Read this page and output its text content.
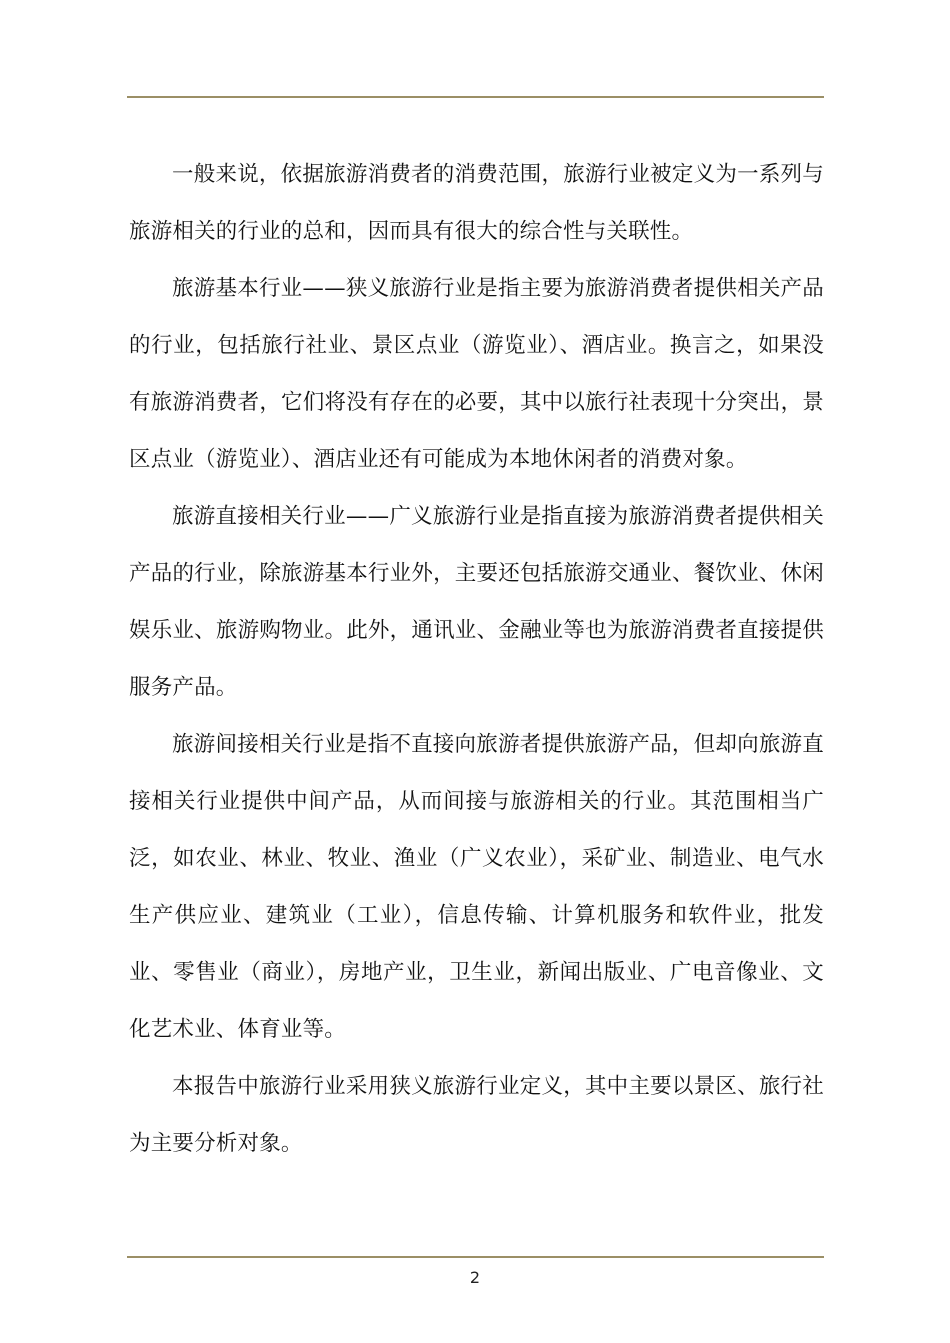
一般来说，依据旅游消费者的消费范围，旅游行业被定义为一系列与旅游相关的行业的总和，因而具有很大的综合性与关联性。

旅游基本行业——狭义旅游行业是指主要为旅游消费者提供相关产品的行业，包括旅行社业、景区点业（游览业）、酒店业。换言之，如果没有旅游消费者，它们将没有存在的必要，其中以旅行社表现十分突出，景区点业（游览业）、酒店业还有可能成为本地休闲者的消费对象。

旅游直接相关行业——广义旅游行业是指直接为旅游消费者提供相关产品的行业，除旅游基本行业外，主要还包括旅游交通业、餐饮业、休闲娱乐业、旅游购物业。此外，通讯业、金融业等也为旅游消费者直接提供服务产品。

旅游间接相关行业是指不直接向旅游者提供旅游产品，但却向旅游直接相关行业提供中间产品，从而间接与旅游相关的行业。其范围相当广泛，如农业、林业、牧业、渔业（广义农业），采矿业、制造业、电气水生产供应业、建筑业（工业），信息传输、计算机服务和软件业，批发业、零售业（商业），房地产业，卫生业，新闻出版业、广电音像业、文化艺术业、体育业等。

本报告中旅游行业采用狭义旅游行业定义，其中主要以景区、旅行社为主要分析对象。

2
